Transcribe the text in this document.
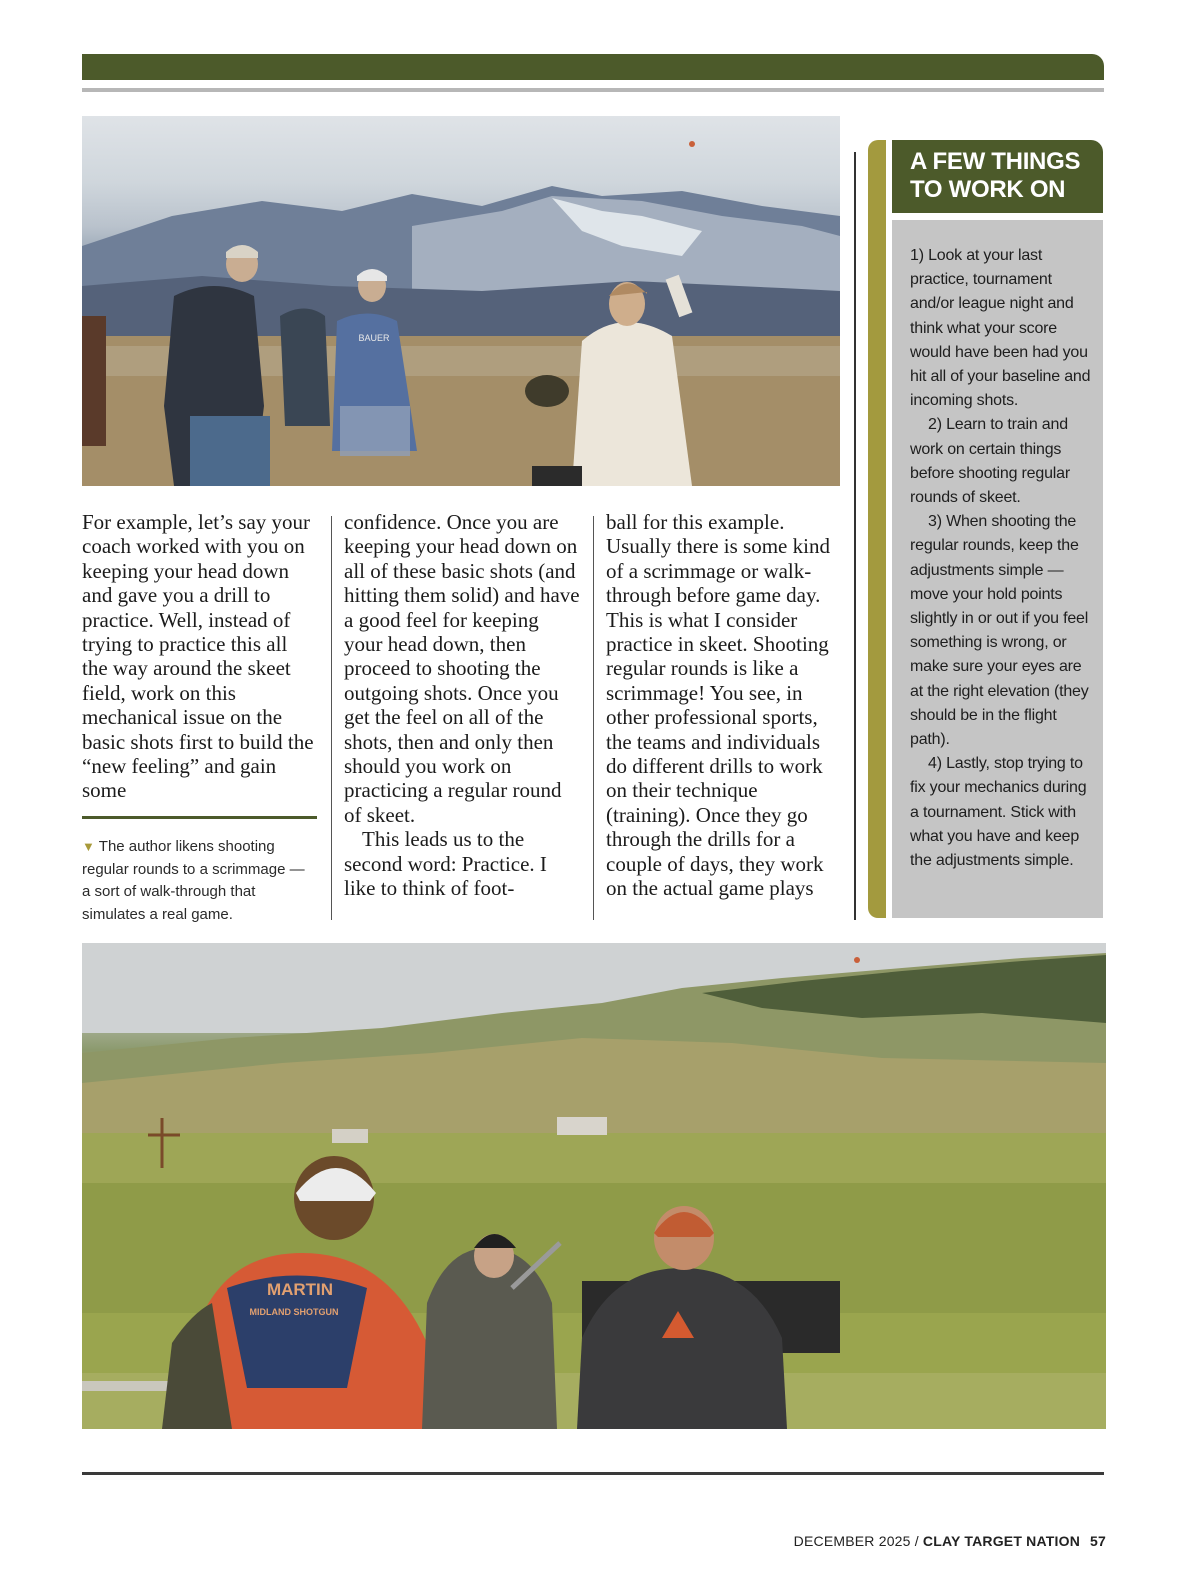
BAUER

For example, let’s say your coach worked with you on keeping your head down and gave you a drill to practice. Well, instead of trying to practice this all the way around the skeet field, work on this mechanical issue on the basic shots first to build the “new feeling” and gain some

confidence. Once you are keeping your head down on all of these basic shots (and hitting them solid) and have a good feel for keeping your head down, then proceed to shooting the outgoing shots. Once you get the feel on all of the shots, then and only then should you work on practicing a regular round of skeet.

This leads us to the second word: Practice. I like to think of foot-

ball for this example. Usually there is some kind of a scrimmage or walk-through before game day. This is what I consider practice in skeet. Shooting regular rounds is like a scrimmage! You see, in other professional sports, the teams and individuals do different drills to work on their technique (training). Once they go through the drills for a couple of days, they work on the actual game plays

▼ The author likens shooting regular rounds to a scrimmage — a sort of walk-through that simulates a real game.
A FEW THINGS
TO WORK ON

1) Look at your last practice, tournament and/or league night and think what your score would have been had you hit all of your baseline and incoming shots.

2) Learn to train and work on certain things before shooting regular rounds of skeet.

3) When shooting the regular rounds, keep the adjustments simple — move your hold points slightly in or out if you feel something is wrong, or make sure your eyes are at the right elevation (they should be in the flight path).

4) Lastly, stop trying to fix your mechanics during a tournament. Stick with what you have and keep the adjustments simple.

MARTIN
MIDLAND SHOTGUN
DECEMBER 2025 / CLAY TARGET NATION 57
